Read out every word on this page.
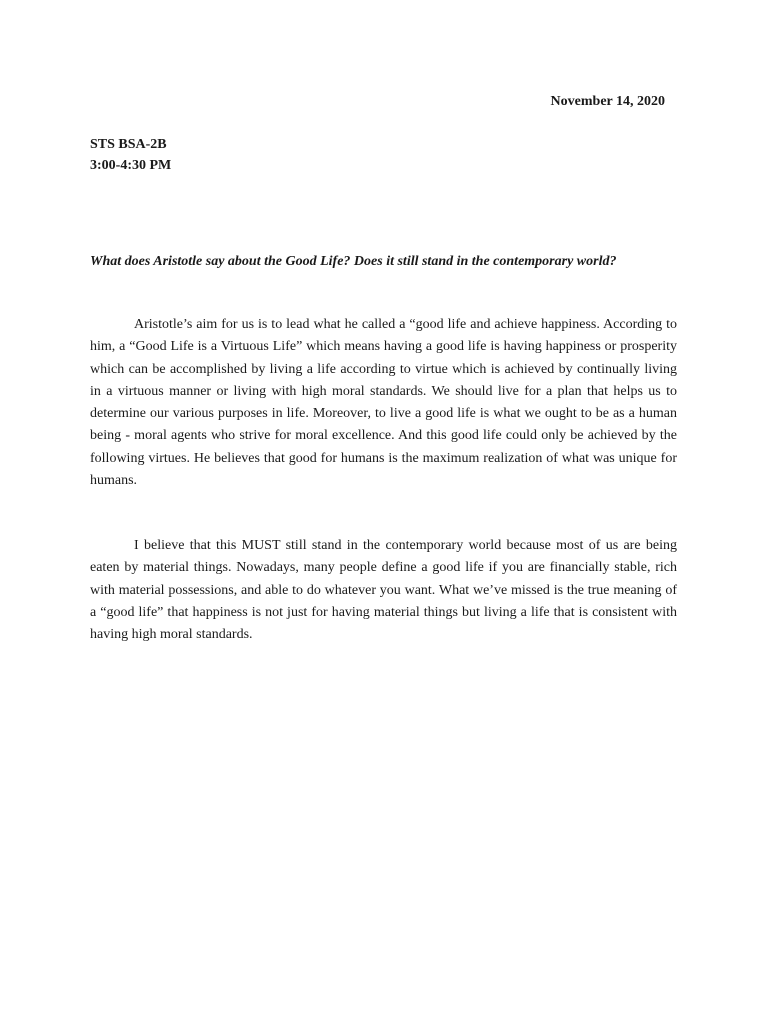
November 14, 2020
STS BSA-2B
3:00-4:30 PM
What does Aristotle say about the Good Life? Does it still stand in the contemporary world?

Aristotle’s aim for us is to lead what he called a “good life and achieve happiness. According to him, a “Good Life is a Virtuous Life” which means having a good life is having happiness or prosperity which can be accomplished by living a life according to virtue which is achieved by continually living in a virtuous manner or living with high moral standards. We should live for a plan that helps us to determine our various purposes in life. Moreover, to live a good life is what we ought to be as a human being - moral agents who strive for moral excellence. And this good life could only be achieved by the following virtues. He believes that good for humans is the maximum realization of what was unique for humans.

I believe that this MUST still stand in the contemporary world because most of us are being eaten by material things. Nowadays, many people define a good life if you are financially stable, rich with material possessions, and able to do whatever you want. What we’ve missed is the true meaning of a “good life” that happiness is not just for having material things but living a life that is consistent with having high moral standards.
